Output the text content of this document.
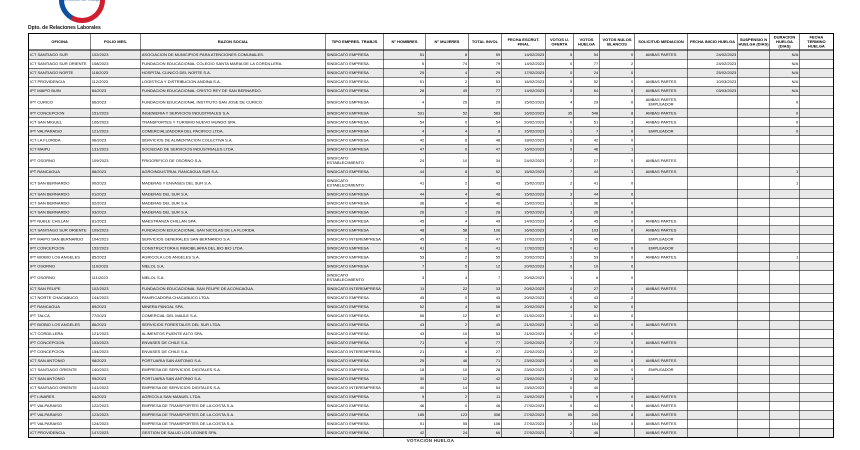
Dpto. de Relaciones Laborales
OFICINA	FOLIO MES.	RAZON SOCIAL	TIPO EMPRES. TRABJS	N° HOMBRES	N° MUJERES	TOTAL INVOL	FECHA ESCRUT. FINAL	VOTOS U. OFERTA	VOTOS HUELGA	VOTOS NULOS BLANCOS	SOLICITUD MEDIACION	FECHA INICIO HUELGA	SUSPENSIO N HUELGA (DIAS)	DURACION HUELGA (DIAS)	FECHA TERMINO HUELGA
ICT SANTIAGO SUR	102/2023	ASOCIACION DE MUNICIPIOS PARA ATENCIONES COMUNALES.	SINDICATO EMPRESA	51	8	59	14/02/2023	5	54	0	AMBAS PARTES	24/02/2023		N/A	
ICT SANTIAGO SUR ORIENTE	108/2023	FUNDACION EDUCACIONAL COLEGIO SANTA MARIA DE LA CORDILLERA.	SINDICATO EMPRESA	5	74	79	14/02/2023	0	77	2		24/02/2023		N/A	
ICT SANTIAGO NORTE	118/2023	HOSPITAL CLINICO DEL NORTE S.A.	SINDICATO EMPRESA	25	4	29	17/02/2023	0	24	0		25/02/2023		N/A	
ICT PROVIDENCIA	112/2023	LOGISTICA Y DISTRIBUCION ANDINA S.A.	SINDICATO EMPRESA	51	2	53	16/02/2023	5	52	0	AMBAS PARTES	10/03/2023		N/A	
IPT MAIPO BUIN	84/2023	FUNDACION EDUCACIONAL CRISTO REY DE SAN BERNARDO.	SINDICATO EMPRESA	28	49	77	14/02/2023	0	64	0	AMBAS PARTES	03/03/2023		N/A	
IPT CURICO	66/2023	FUNDACION EDUCACIONAL INSTITUTO SAN JOSE DE CURICO.	SINDICATO EMPRESA	4	25	29	15/02/2023	4	29	0	AMBAS PARTES EMPLEADOR			0	
IPT CONCEPCION	151/2023	INGENIERIA Y SERVICIOS INDUSTRIALES S.A.	SINDICATO EMPRESA	531	52	583	16/02/2023	35	548	8	AMBAS PARTES			0	
ICT SAN MIGUEL	106/2023	TRANSPORTES Y TURISMO NUEVO MUNDO SPA.	SINDICATO EMPRESA	54	0	54	20/02/2023	0	51	3	AMBAS PARTES			0	
IPT VALPARAISO	121/2023	COMERCIALIZADORA DEL PACIFICO LTDA.	SINDICATO EMPRESA	4	4	8	15/02/2023	1	7	0	EMPLEADOR			0	
ICT LA FLORIDA	96/2023	SERVICIOS DE ALIMENTACION COLECTIVA S.A.	SINDICATO EMPRESA	42	6	48	18/02/2023	6	42	0					
ICT MAIPU	131/2023	SOCIEDAD DE SERVICIOS INDUSTRIALES LTDA.	SINDICATO EMPRESA	47	0	47	16/02/2023	0	46	1					
IPT OSORNO	109/2023	FRIGORIFICO DE OSORNO S.A.	SINDICATO ESTABLECIMIENTO	24	10	34	24/02/2023	2	27	0	AMBAS PARTES				
IPT RANCAGUA	88/2023	AGROINDUSTRIAL RANCAGUA SUR S.A.	SINDICATO EMPRESA	44	8	52	15/02/2023	7	44	1	AMBAS PARTES			1	
ICT SAN BERNARDO	90/2023	MADERAS Y ENVASES DEL SUR S.A.	SINDICATO ESTABLECIMIENTO	41	2	43	15/02/2023	2	41	0				1	
ICT SAN BERNARDO	91/2023	MADERAS DEL SUR S.A.	SINDICATO EMPRESA	44	4	48	15/02/2023	3	44	0					
ICT SAN BERNARDO	92/2023	MADERAS DEL SUR S.A.	SINDICATO EMPRESA	36	4	40	15/02/2023	1	36	0					
ICT SAN BERNARDO	93/2023	MADERAS DEL SUR S.A.	SINDICATO EMPRESA	26	2	28	15/02/2023	3	26	0					
IPT NUBLE CHILLAN	81/2023	MAESTRANZA CHILLAN SPA.	SINDICATO EMPRESA	45	4	49	14/02/2023	4	45	0	AMBAS PARTES				
ICT SANTIAGO SUR ORIENTE	109/2023	FUNDACION EDUCACIONAL SAN NICOLAS DE LA FLORIDA.	SINDICATO EMPRESA	48	58	106	16/02/2023	4	103	0	AMBAS PARTES				
IPT MAIPO SAN BERNARDO	104/2023	SERVICIOS GENERALES SAN BERNARDO S.A.	SINDICATO INTEREMPRESA	45	2	47	17/02/2023	0	45		EMPLEADOR				
IPT CONCEPCION	152/2023	CONSTRUCTORA E INMOBILIARIA DEL BIO BIO LTDA.	SINDICATO EMPRESA	41	0	41	17/02/2023	0	41	0	EMPLEADOR				
IPT BIOBIO LOS ANGELES	85/2023	AGRICOLA LOS ANGELES S.A.	SINDICATO EMPRESA	53	2	55	20/02/2023	1	53	0	AMBAS PARTES			1	
IPT OSORNO	110/2023	NIELOL S.A.	SINDICATO EMPRESA	7	5	12	20/02/2023	0	10	0					
IPT OSORNO	111/2023	NIELOL S.A.	SINDICATO ESTABLECIMIENTO	3	4	7	20/02/2023	1	6	0					
ICT SAN FELIPE	102/2023	FUNDACION EDUCACIONAL SAN FELIPE DE ACONCAGUA.	SINDICATO INTEREMPRESA	11	22	33	20/02/2023	0	27	0	AMBAS PARTES				
ICT NORTE CHACABUCO	144/2023	PANIFICADORA CHACABUCO LTDA.	SINDICATO EMPRESA	45	0	45	20/02/2023	0	43	2					
IPT RANCAGUA	89/2023	MINERA PANGAL SPA.	SINDICATO EMPRESA	52	4	56	20/02/2023	4	52	0					
IPT TALCA	77/2023	COMERCIAL DEL MAULE S.A.	SINDICATO EMPRESA	55	12	67	21/02/2023	1	61	0					
IPT BIOBIO LOS ANGELES	86/2023	SERVICIOS FORESTALES DEL SUR LTDA.	SINDICATO EMPRESA	43	2	45	21/02/2023	1	43	0	AMBAS PARTES				
ICT CORDILLERA	121/2023	ALIMENTOS PUENTE ALTO SPA.	SINDICATO EMPRESA	43	10	53	21/02/2023	4	47	0					
IPT CONCEPCION	153/2023	ENVASES DE CHILE S.A.	SINDICATO EMPRESA	71	6	77	22/02/2023	2	71	0	AMBAS PARTES				
IPT CONCEPCION	154/2023	ENVASES DE CHILE S.A.	SINDICATO INTEREMPRESA	21	6	27	22/02/2023	1	22	0					
ICT SAN ANTONIO	98/2023	PORTUARIA SAN ANTONIO S.A.	SINDICATO EMPRESA	25	46	71	23/02/2023	4	65	0	AMBAS PARTES				
ICT SANTIAGO ORIENTE	140/2023	EMPRESA DE SERVICIOS DIGITALES S.A.	SINDICATO EMPRESA	18	10	28	23/02/2023	1	25	0	EMPLEADOR				
ICT SAN ANTONIO	99/2023	PORTUARIA SAN ANTONIO S.A.	SINDICATO EMPRESA	30	12	42	23/02/2023	0	32	1					
ICT SANTIAGO ORIENTE	141/2023	EMPRESA DE SERVICIOS DIGITALES S.A.	SINDICATO INTEREMPRESA	40	14	54	23/02/2023	0	40						
IPT LINARES	64/2023	AGRICOLA SAN MANUEL LTDA.	SINDICATO EMPRESA	9	2	11	24/02/2023	0	9	0	AMBAS PARTES				
IPT VALPARAISO	122/2023	EMPRESA DE TRANSPORTES DE LA COSTA S.A.	SINDICATO EMPRESA	46	0	46	27/02/2023	0	44	0	AMBAS PARTES				
IPT VALPARAISO	123/2023	EMPRESA DE TRANSPORTES DE LA COSTA S.A.	SINDICATO EMPRESA	185	123	308	27/02/2023	55	245	8	AMBAS PARTES				
IPT VALPARAISO	124/2023	EMPRESA DE TRANSPORTES DE LA COSTA S.A.	SINDICATO EMPRESA	51	55	106	27/02/2023	2	104	0	AMBAS PARTES				
ICT PROVIDENCIA	147/2023	GESTION DE SALUD LOS LEONES SPA.	SINDICATO EMPRESA	42	24	66	27/02/2023	2	46		AMBAS PARTES				
VOTACIÓN HUELGA
